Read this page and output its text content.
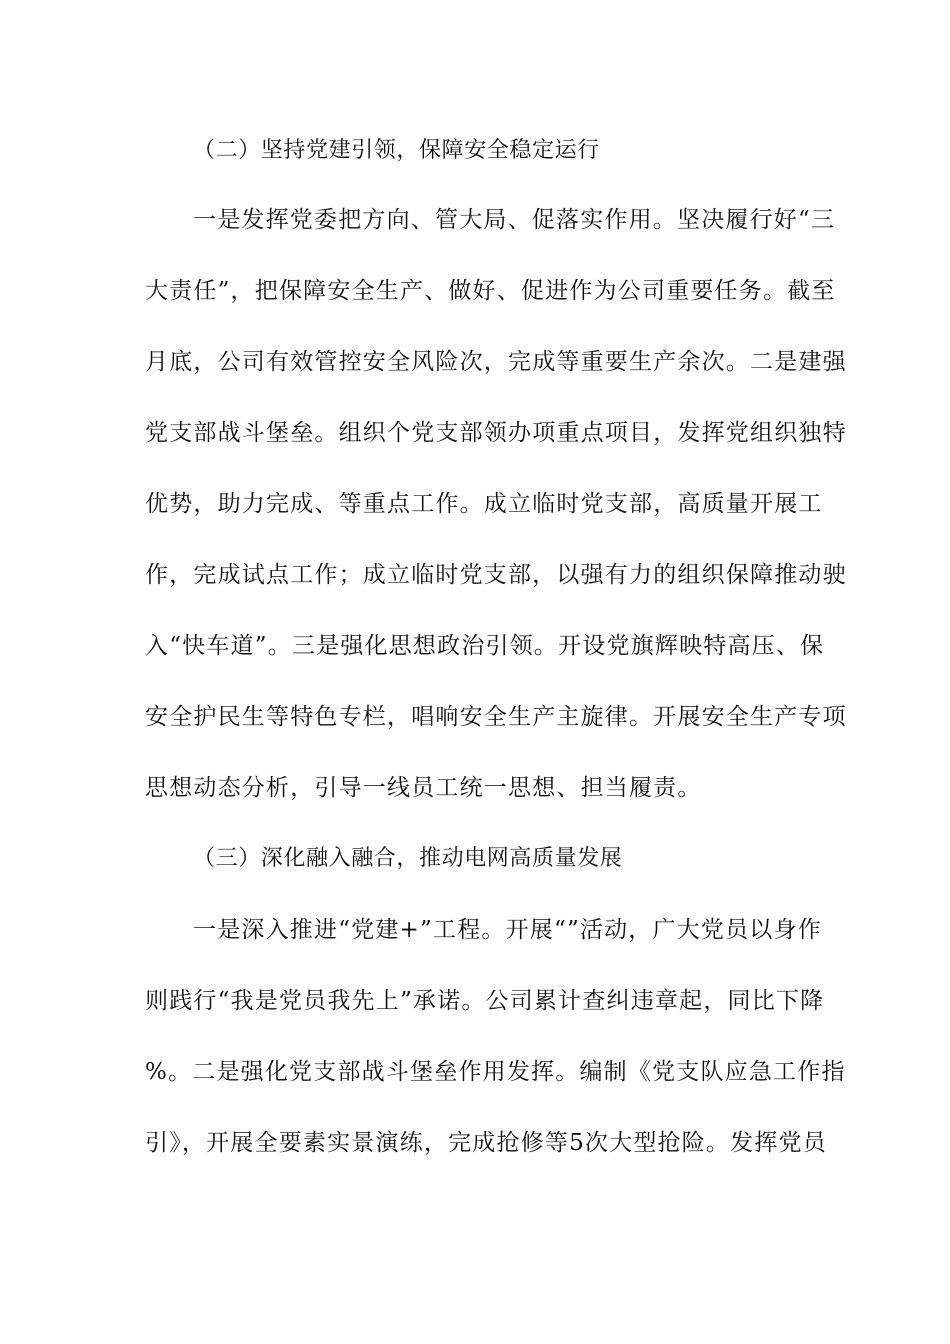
（二）坚持党建引领，保障安全稳定运行
一是发挥党委把方向、管大局、促落实作用。坚决履行好“三
大责任”，把保障安全生产、做好、促进作为公司重要任务。截至
月底，公司有效管控安全风险次，完成等重要生产余次。二是建强
党支部战斗堡垒。组织个党支部领办项重点项目，发挥党组织独特
优势，助力完成、等重点工作。成立临时党支部，高质量开展工
作，完成试点工作；成立临时党支部，以强有力的组织保障推动驶
入“快车道”。三是强化思想政治引领。开设党旗辉映特高压、保
安全护民生等特色专栏，唱响安全生产主旋律。开展安全生产专项
思想动态分析，引导一线员工统一思想、担当履责。
（三）深化融入融合，推动电网高质量发展
一是深入推进“党建+”工程。开展“”活动，广大党员以身作
则践行“我是党员我先上”承诺。公司累计查纠违章起，同比下降
%。二是强化党支部战斗堡垒作用发挥。编制《党支队应急工作指
引》，开展全要素实景演练，完成抢修等5次大型抢险。发挥党员
